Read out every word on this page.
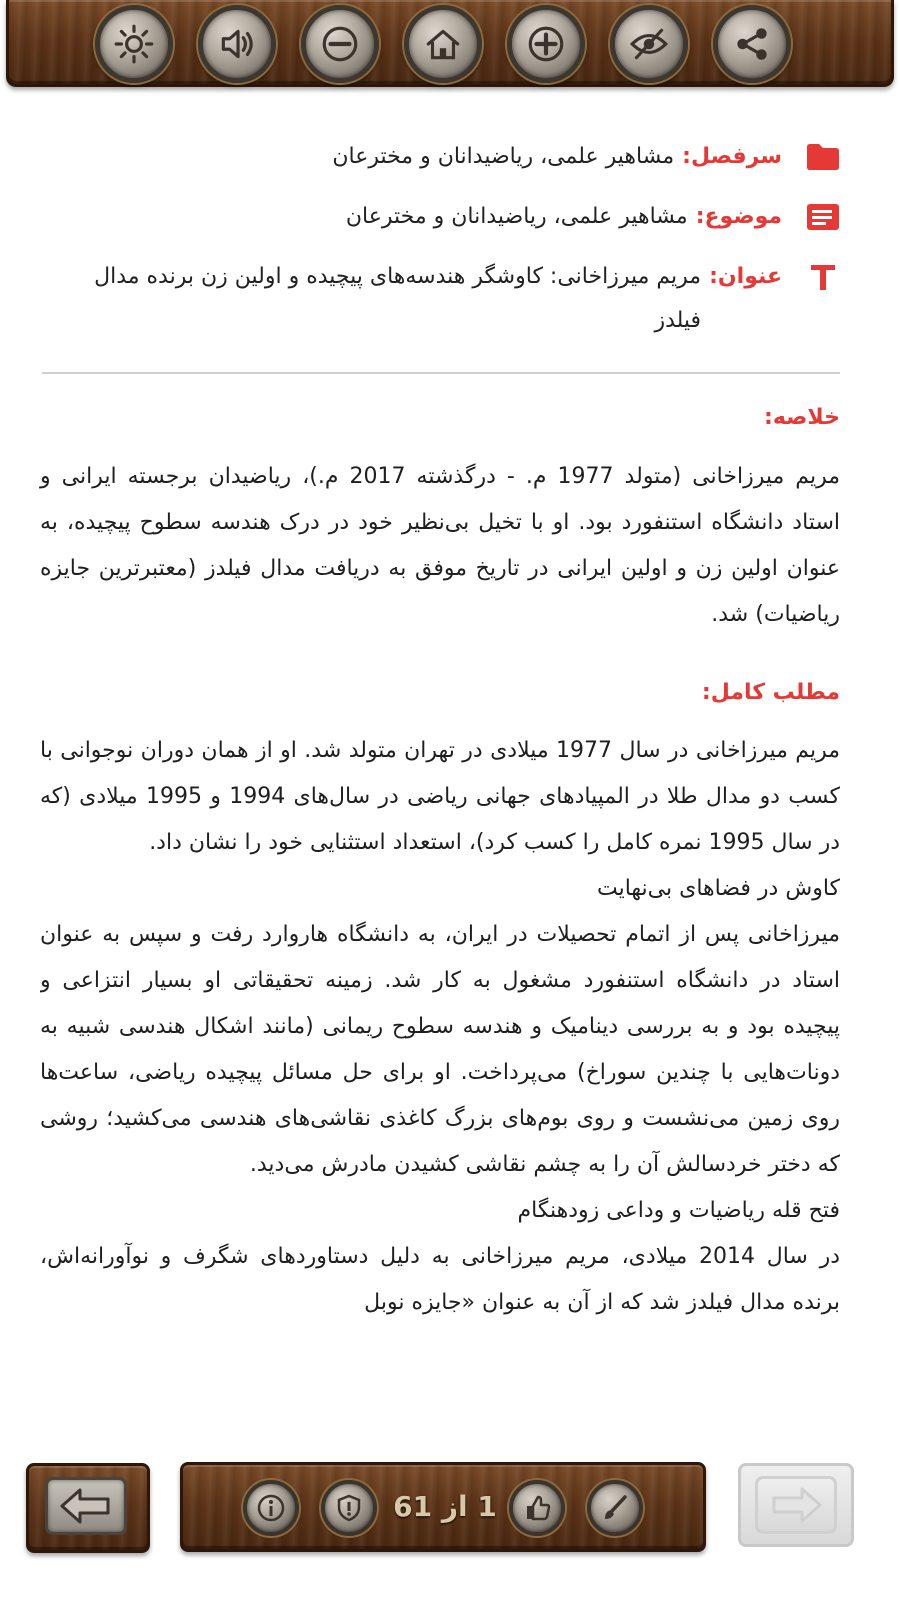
سرفصل:
مشاهیر علمی، ریاضیدانان و مخترعان
موضوع:
مشاهیر علمی، ریاضیدانان و مخترعان
عنوان:
مریم میرزاخانی: کاوشگر هندسه‌های پیچیده و اولین زن برنده مدال فیلدز
خلاصه:

مریم میرزاخانی (متولد 1977 م. - درگذشته 2017 م.)، ریاضیدان برجسته ایرانی و استاد دانشگاه استنفورد بود. او با تخیل بی‌نظیر خود در درک هندسه سطوح پیچیده، به عنوان اولین زن و اولین ایرانی در تاریخ موفق به دریافت مدال فیلدز (معتبرترین جایزه ریاضیات) شد.

مطلب کامل:

مریم میرزاخانی در سال 1977 میلادی در تهران متولد شد. او از همان دوران نوجوانی با کسب دو مدال طلا در المپیادهای جهانی ریاضی در سال‌های 1994 و 1995 میلادی (که در سال 1995 نمره کامل را کسب کرد)، استعداد استثنایی خود را نشان داد.

کاوش در فضاهای بی‌نهایت

میرزاخانی پس از اتمام تحصیلات در ایران، به دانشگاه هاروارد رفت و سپس به عنوان استاد در دانشگاه استنفورد مشغول به کار شد. زمینه تحقیقاتی او بسیار انتزاعی و پیچیده بود و به بررسی دینامیک و هندسه سطوح ریمانی (مانند اشکال هندسی شبیه به دونات‌هایی با چندین سوراخ) می‌پرداخت. او برای حل مسائل پیچیده ریاضی، ساعت‌ها روی زمین می‌نشست و روی بوم‌های بزرگ کاغذی نقاشی‌های هندسی می‌کشید؛ روشی که دختر خردسالش آن را به چشم نقاشی کشیدن مادرش می‌دید.

فتح قله ریاضیات و وداعی زودهنگام

در سال 2014 میلادی، مریم میرزاخانی به دلیل دستاوردهای شگرف و نوآورانه‌اش، برنده مدال فیلدز شد که از آن به عنوان «جایزه نوبل

1 از 61
